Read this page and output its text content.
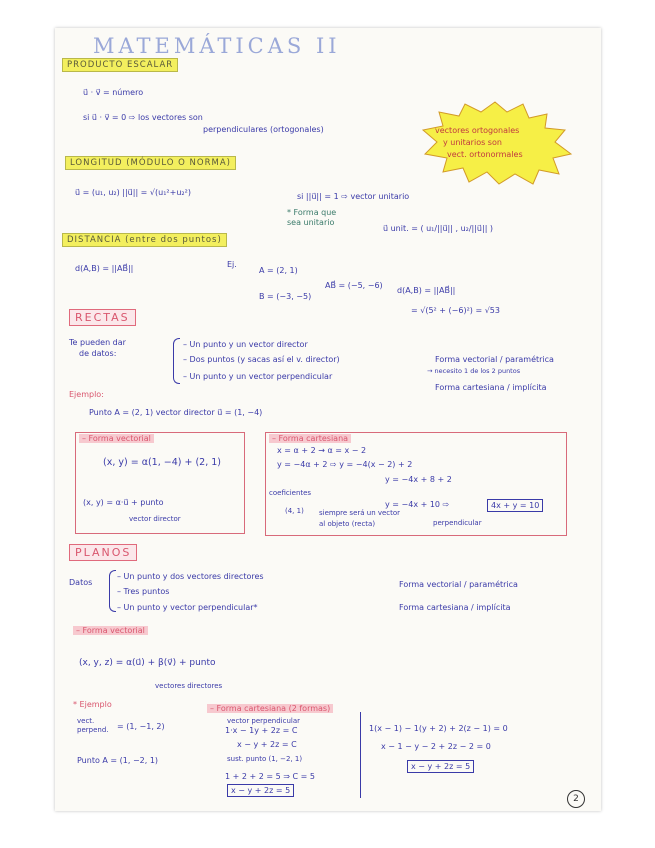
MATEMÁTICAS II
PRODUCTO ESCALAR
u⃗ · v⃗ = número
si u⃗ · v⃗ = 0 ⇨ los vectores son
perpendiculares (ortogonales)	vectores ortogonales
y unitarios son
vect. ortonormales
LONGITUD (MÓDULO O NORMA)
u⃗ = (u₁, u₂) ||u⃗|| = √(u₁²+u₂²)	si ||u⃗|| = 1 ⇨ vector unitario
* Forma que
sea unitario
u⃗ unit. = ( u₁/||u⃗|| , u₂/||u⃗|| )
DISTANCIA (entre dos puntos)
d(A,B) = ||AB⃗||	Ej.
A = (2, 1)
B = (−3, −5)
AB⃗ = (−5, −6)
d(A,B) = ||AB⃗||
= √(5² + (−6)²) = √53
RECTAS
Te pueden dar
de datos:
– Un punto y un vector director
– Dos puntos (y sacas así el v. director)
– Un punto y un vector perpendicular
Forma vectorial / paramétrica
→ necesito 1 de los 2 puntos
Forma cartesiana / implícita
Ejemplo:
Punto A = (2, 1) vector director u⃗ = (1, −4)
– Forma vectorial
(x, y) = α(1, −4) + (2, 1)
(x, y) = α·u⃗ + punto
vector director
– Forma cartesiana
x = α + 2 → α = x − 2
y = −4α + 2 ⇨ y = −4(x − 2) + 2
y = −4x + 8 + 2
y = −4x + 10 ⇨	4x + y = 10
coeficientes
(4, 1) siempre será un vector
perpendicular
al objeto (recta)
PLANOS
Datos
– Un punto y dos vectores directores
– Tres puntos
– Un punto y vector perpendicular*
Forma vectorial / paramétrica
Forma cartesiana / implícita
– Forma vectorial
(x, y, z) = α(u⃗) + β(v⃗) + punto
vectores directores
* Ejemplo
vect.
perpend. = (1, −1, 2)
Punto A = (1, −2, 1)
– Forma cartesiana (2 formas)
vector perpendicular
1·x − 1y + 2z = C
x − y + 2z = C
sust. punto (1, −2, 1)
1 + 2 + 2 = 5 ⇒ C = 5
x − y + 2z = 5
1(x − 1) − 1(y + 2) + 2(z − 1) = 0
x − 1 − y − 2 + 2z − 2 = 0
x − y + 2z = 5
2
